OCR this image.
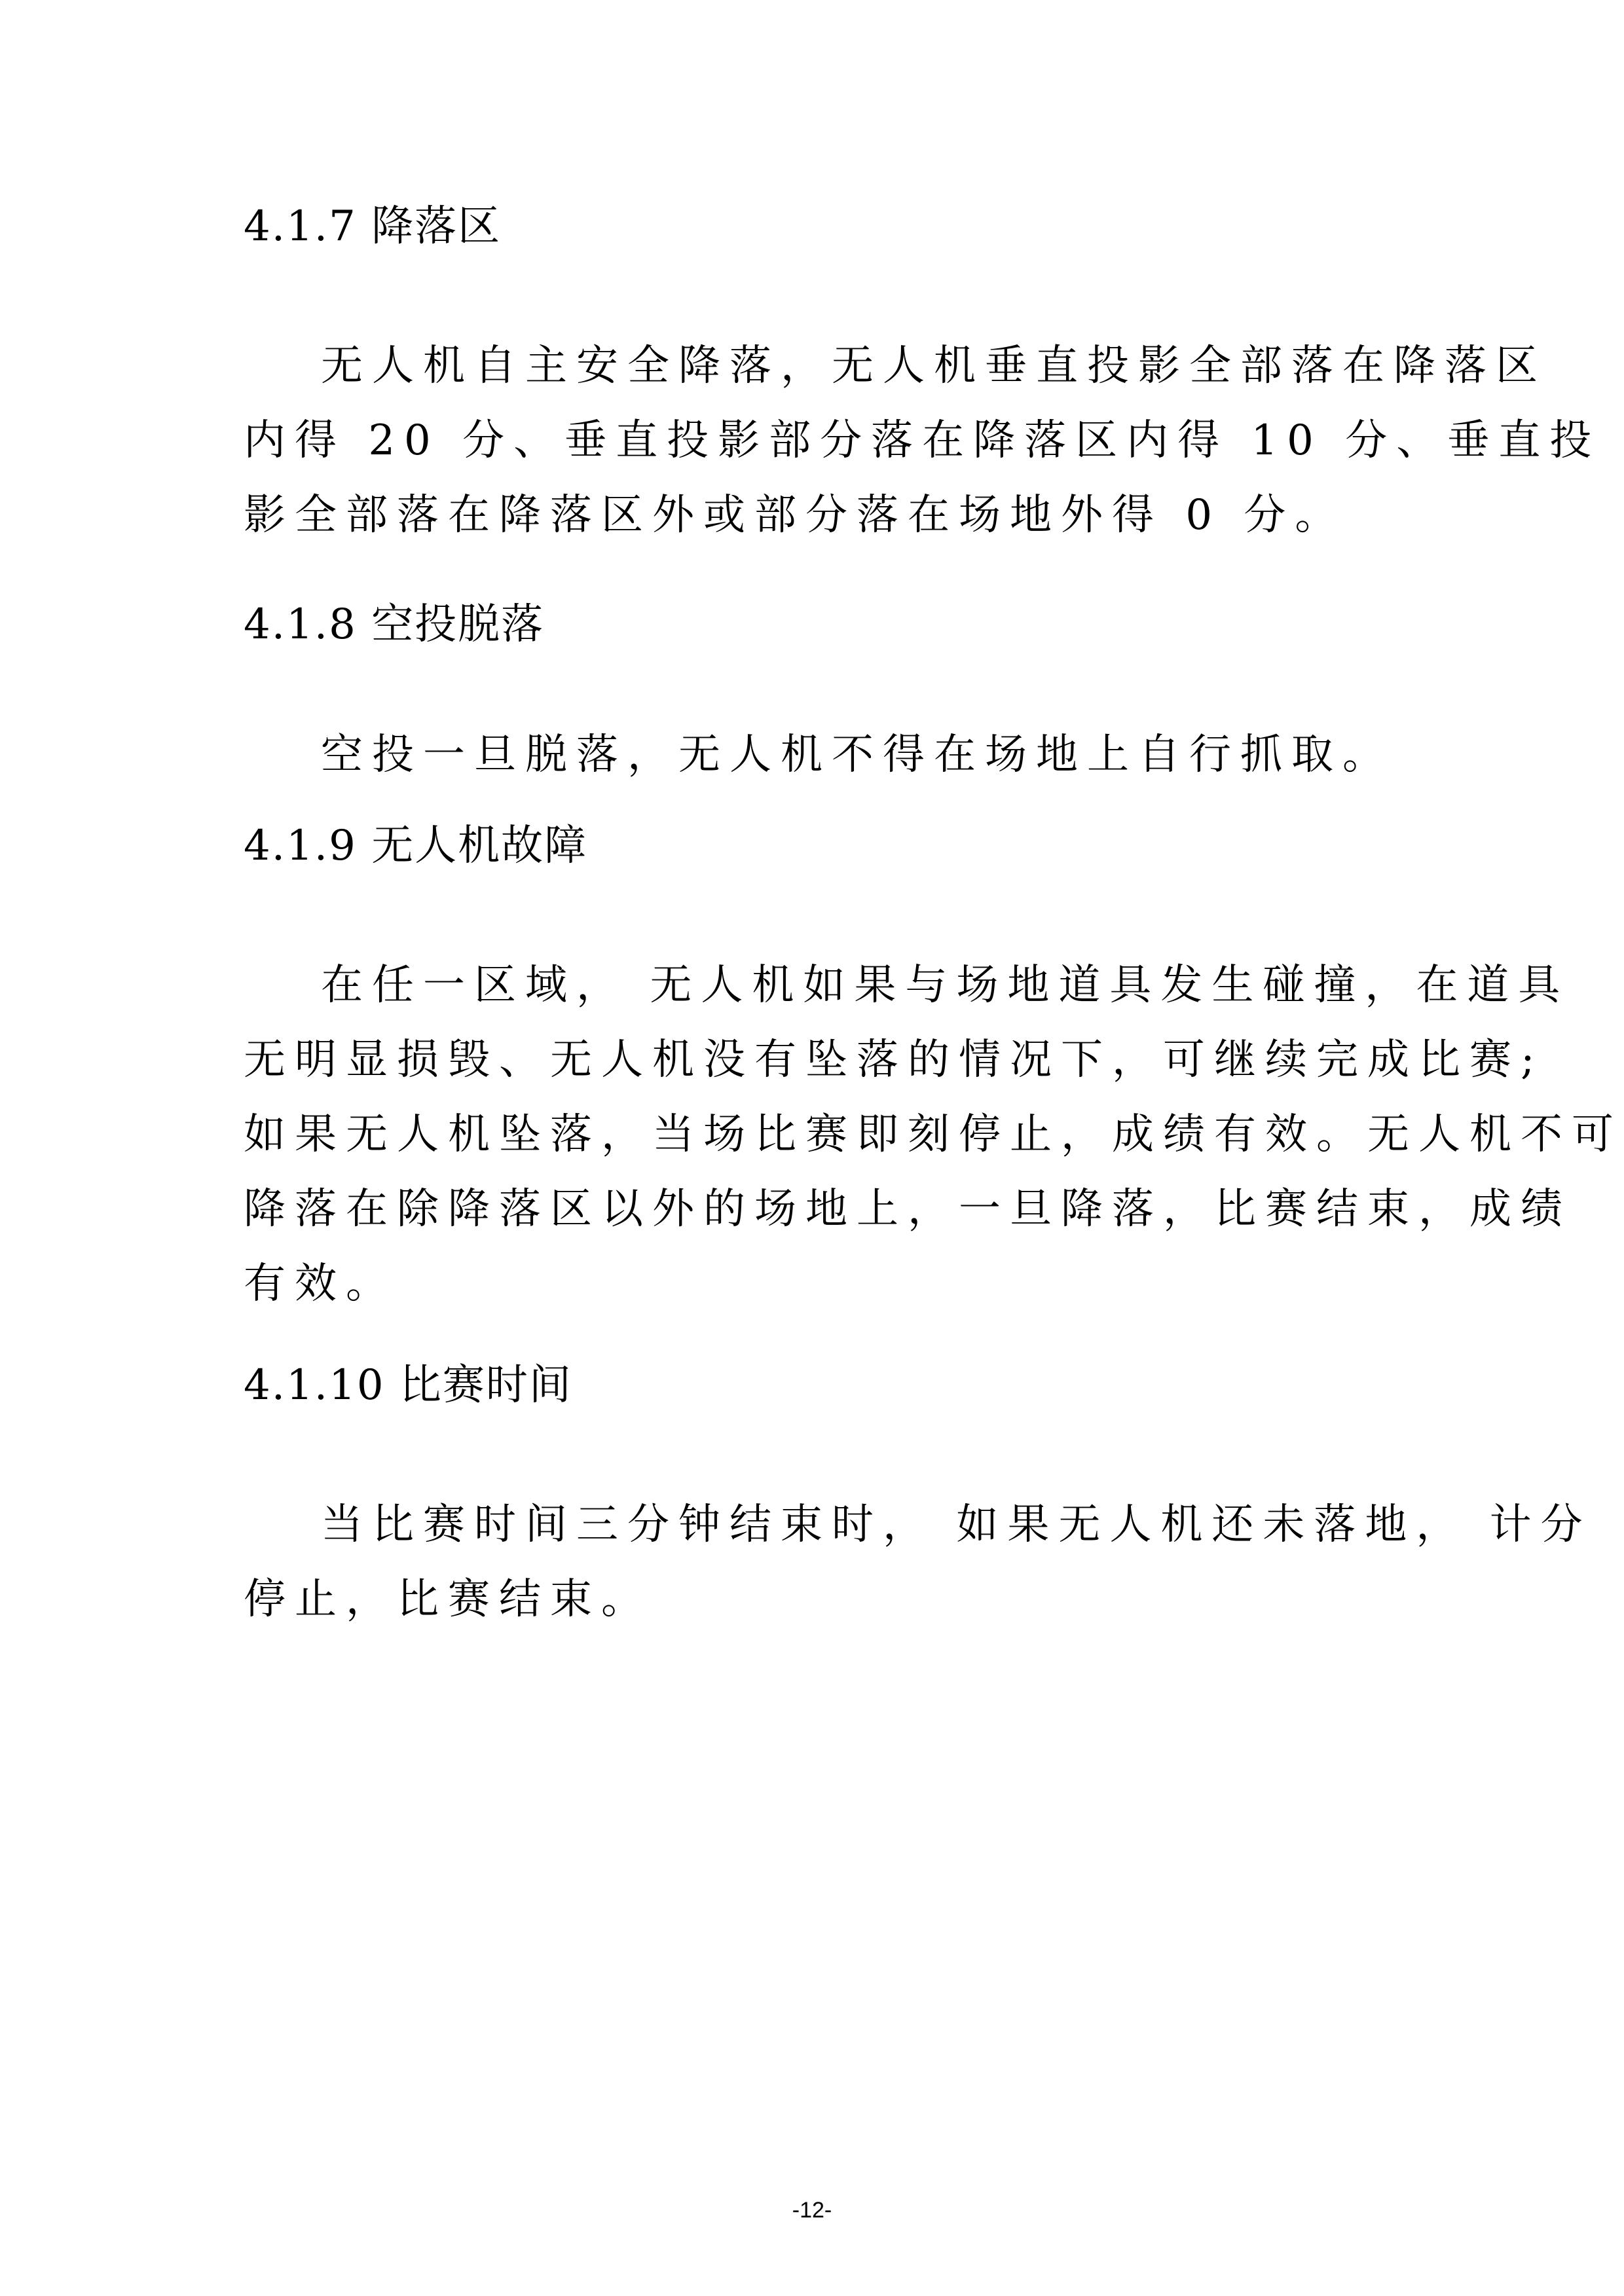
4.1.7 降落区
无人机自主安全降落，无人机垂直投影全部落在降落区
内得 20 分、垂直投影部分落在降落区内得 10 分、垂直投
影全部落在降落区外或部分落在场地外得 0 分。
4.1.8 空投脱落
空投一旦脱落，无人机不得在场地上自行抓取。
4.1.9 无人机故障
在任一区域， 无人机如果与场地道具发生碰撞，在道具
无明显损毁、无人机没有坠落的情况下，可继续完成比赛;
如果无人机坠落，当场比赛即刻停止，成绩有效。无人机不可
降落在除降落区以外的场地上，一旦降落，比赛结束，成绩
有效。
4.1.10 比赛时间
当比赛时间三分钟结束时， 如果无人机还未落地， 计分
停止，比赛结束。
-12-
